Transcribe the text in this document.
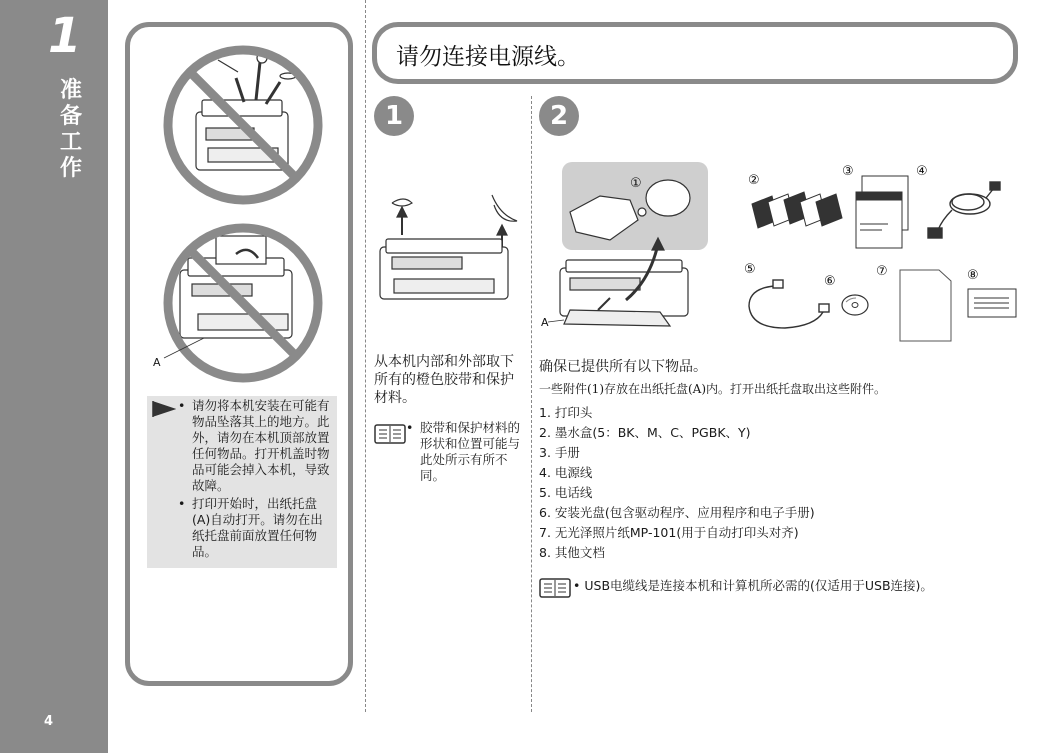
1
准备工作
4
A
• 请勿将本机安装在可能有物品坠落其上的地方。此外，请勿在本机顶部放置任何物品。打开机盖时物品可能会掉入本机，导致故障。
• 打印开始时，出纸托盘(A)自动打开。请勿在出纸托盘前面放置任何物品。
请勿连接电源线。
1	2
从本机内部和外部取下所有的橙色胶带和保护材料。
• 胶带和保护材料的形状和位置可能与此处所示有所不同。
A
①	②
③	④
⑤
⑥
⑦	⑧
确保已提供所有以下物品。
一些附件(1)存放在出纸托盘(A)内。打开出纸托盘取出这些附件。
1. 打印头
2. 墨水盒(5：BK、M、C、PGBK、Y)
3. 手册
4. 电源线
5. 电话线
6. 安装光盘(包含驱动程序、应用程序和电子手册)
7. 无光泽照片纸MP-101(用于自动打印头对齐)
8. 其他文档
• USB电缆线是连接本机和计算机所必需的(仅适用于USB连接)。
